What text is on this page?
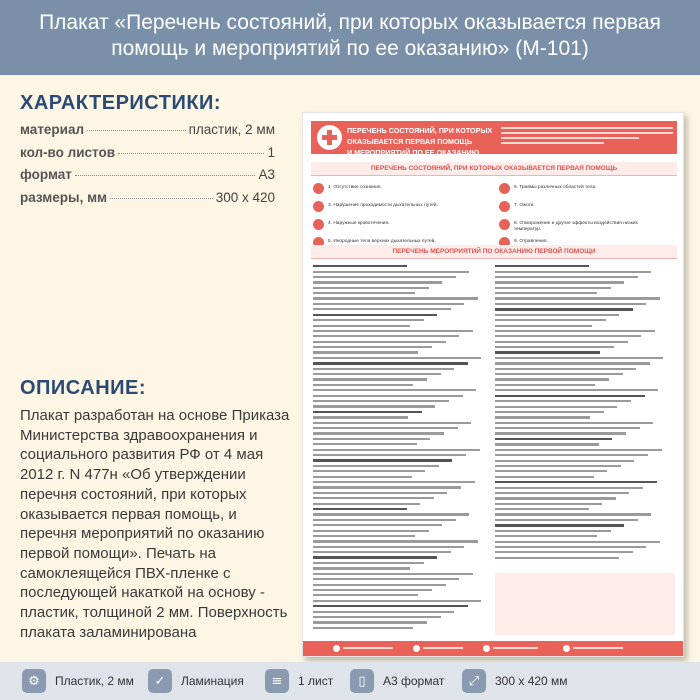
Плакат «Перечень состояний, при которых оказывается первая
помощь и мероприятий по ее оказанию» (М-101)
ХАРАКТЕРИСТИКИ:
материал	пластик, 2 мм
кол-во листов	1
формат	А3
размеры, мм	300 х 420
ОПИСАНИЕ:
Плакат разработан на основе Приказа Министерства здравоохранения и социального развития РФ от 4 мая 2012 г. N 477н «Об утверждении перечня состояний, при которых оказывается первая помощь, и перечня мероприятий по оказанию первой помощи». Печать на самоклеящейся ПВХ-пленке с последующей накаткой на основу - пластик, толщиной 2 мм. Поверхность плаката заламинирована
ПЕРЕЧЕНЬ СОСТОЯНИЙ, ПРИ КОТОРЫХ ОКАЗЫВАЕТСЯ ПЕРВАЯ ПОМОЩЬ
И МЕРОПРИЯТИЙ ПО ЕЕ ОКАЗАНИЮ
ПЕРЕЧЕНЬ СОСТОЯНИЙ, ПРИ КОТОРЫХ ОКАЗЫВАЕТСЯ ПЕРВАЯ ПОМОЩЬ
1. Отсутствие сознания.
3. Нарушение проходимости дыхательных путей.
4. Наружные кровотечения.
5. Инородные тела верхних дыхательных путей.
6. Травмы различных областей тела.
7. Ожоги.
8. Отморожение и другие эффекты воздействия низких температур.
9. Отравления.
ПЕРЕЧЕНЬ МЕРОПРИЯТИЙ ПО ОКАЗАНИЮ ПЕРВОЙ ПОМОЩИ
⚙	Пластик, 2 мм	✓	Ламинация	≡	1 лист	▯	А3 формат	⤢	300 х 420 мм
